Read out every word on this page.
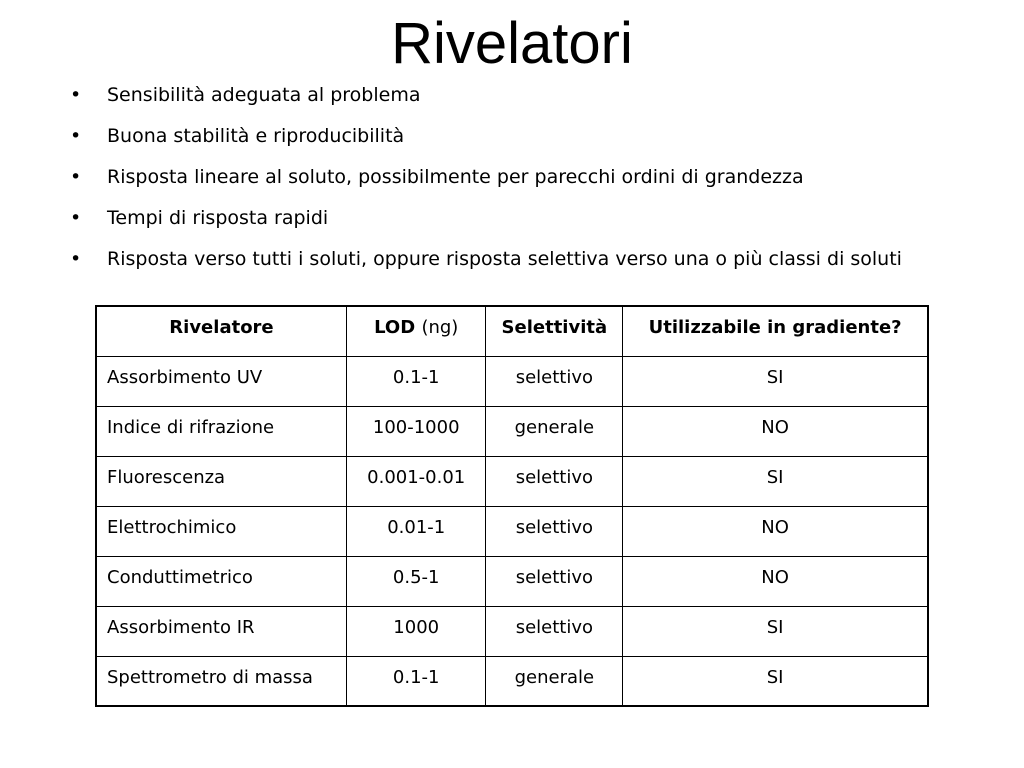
Rivelatori
•	Sensibilità adeguata al problema
•	Buona stabilità e riproducibilità
•	Risposta lineare al soluto, possibilmente per parecchi ordini di grandezza
•	Tempi di risposta rapidi
•	Risposta verso tutti i soluti, oppure risposta selettiva verso una o più classi di soluti
Rivelatore	LOD (ng)	Selettività	Utilizzabile in gradiente?
Assorbimento UV	0.1-1	selettivo	SI
Indice di rifrazione	100-1000	generale	NO
Fluorescenza	0.001-0.01	selettivo	SI
Elettrochimico	0.01-1	selettivo	NO
Conduttimetrico	0.5-1	selettivo	NO
Assorbimento IR	1000	selettivo	SI
Spettrometro di massa	0.1-1	generale	SI
